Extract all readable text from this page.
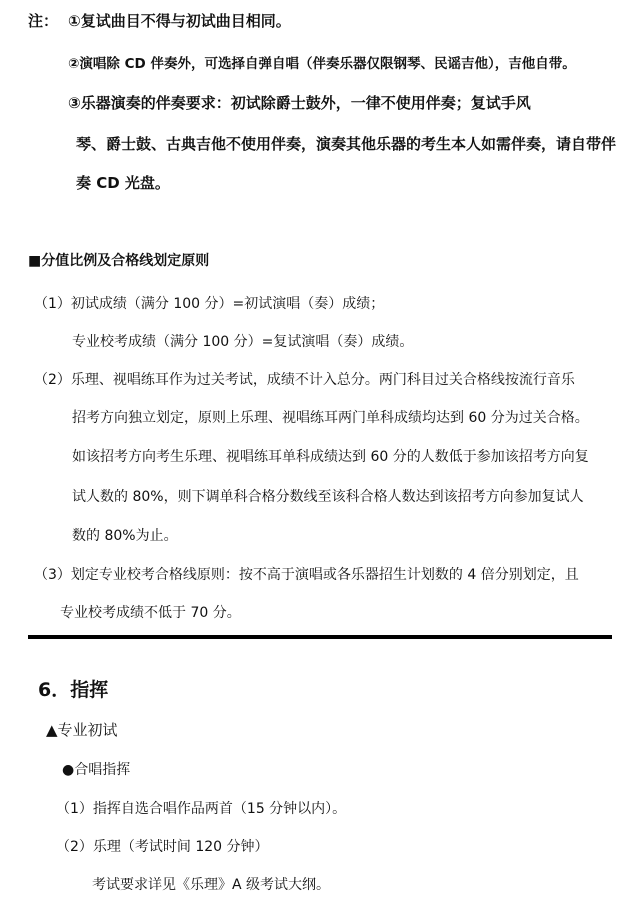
注： ①复试曲目不得与初试曲目相同。
②演唱除 CD 伴奏外，可选择自弹自唱（伴奏乐器仅限钢琴、民谣吉他），吉他自带。
③乐器演奏的伴奏要求：初试除爵士鼓外，一律不使用伴奏；复试手风
琴、爵士鼓、古典吉他不使用伴奏，演奏其他乐器的考生本人如需伴奏，请自带伴
奏 CD 光盘。
■分值比例及合格线划定原则
（1）初试成绩（满分 100 分）=初试演唱（奏）成绩；
专业校考成绩（满分 100 分）=复试演唱（奏）成绩。
（2）乐理、视唱练耳作为过关考试，成绩不计入总分。两门科目过关合格线按流行音乐
招考方向独立划定，原则上乐理、视唱练耳两门单科成绩均达到 60 分为过关合格。
如该招考方向考生乐理、视唱练耳单科成绩达到 60 分的人数低于参加该招考方向复
试人数的 80%，则下调单科合格分数线至该科合格人数达到该招考方向参加复试人
数的 80%为止。
（3）划定专业校考合格线原则：按不高于演唱或各乐器招生计划数的 4 倍分别划定，且
专业校考成绩不低于 70 分。
6．指挥
▲专业初试
●合唱指挥
（1）指挥自选合唱作品两首（15 分钟以内）。
（2）乐理（考试时间 120 分钟）
考试要求详见《乐理》A 级考试大纲。
